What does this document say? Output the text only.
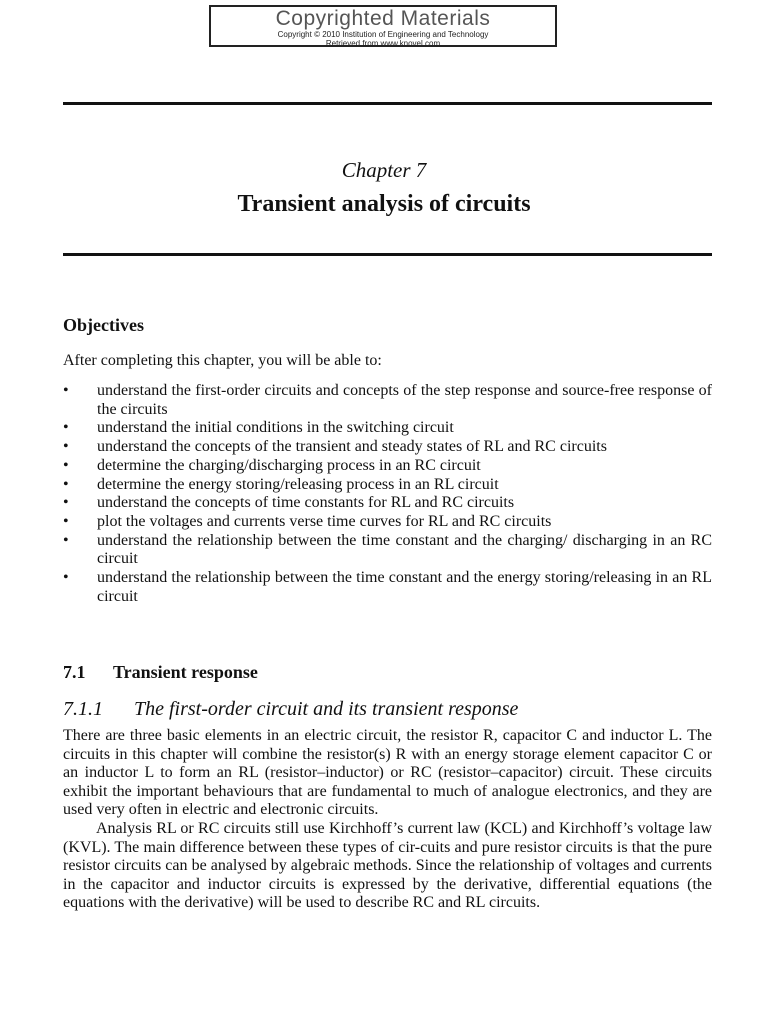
Copyrighted Materials
Copyright © 2010 Institution of Engineering and Technology
Retrieved from www.knovel.com
Chapter 7
Transient analysis of circuits
Objectives
After completing this chapter, you will be able to:
• understand the first-order circuits and concepts of the step response and source-free response of the circuits
• understand the initial conditions in the switching circuit
• understand the concepts of the transient and steady states of RL and RC circuits
• determine the charging/discharging process in an RC circuit
• determine the energy storing/releasing process in an RL circuit
• understand the concepts of time constants for RL and RC circuits
• plot the voltages and currents verse time curves for RL and RC circuits
• understand the relationship between the time constant and the charging/ discharging in an RC circuit
• understand the relationship between the time constant and the energy storing/releasing in an RL circuit
7.1 Transient response
7.1.1 The first-order circuit and its transient response

There are three basic elements in an electric circuit, the resistor R, capacitor C and inductor L. The circuits in this chapter will combine the resistor(s) R with an energy storage element capacitor C or an inductor L to form an RL (resistor–inductor) or RC (resistor–capacitor) circuit. These circuits exhibit the important behaviours that are fundamental to much of analogue electronics, and they are used very often in electric and electronic circuits.

Analysis RL or RC circuits still use Kirchhoff’s current law (KCL) and Kirchhoff’s voltage law (KVL). The main difference between these types of cir-cuits and pure resistor circuits is that the pure resistor circuits can be analysed by algebraic methods. Since the relationship of voltages and currents in the capacitor and inductor circuits is expressed by the derivative, differential equations (the equations with the derivative) will be used to describe RC and RL circuits.
